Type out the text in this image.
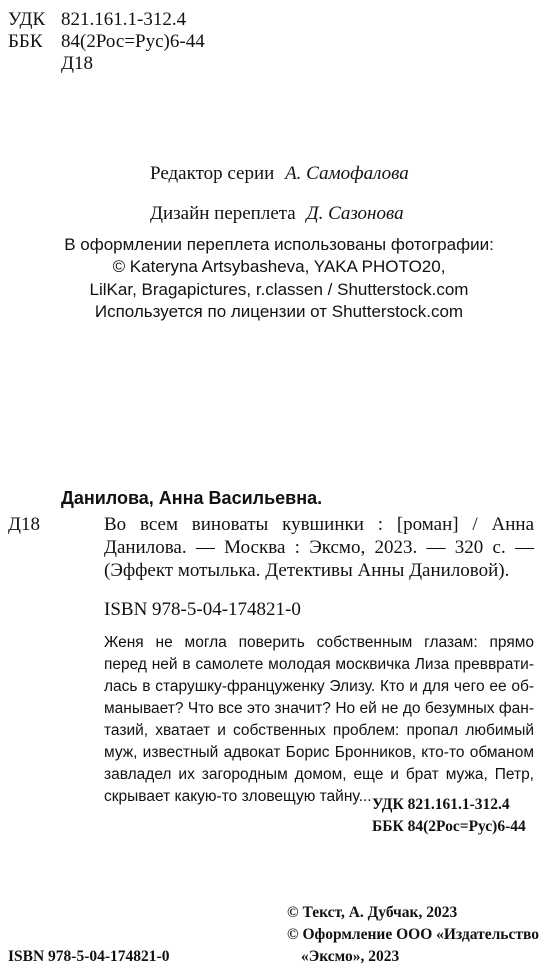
УДК 821.161.1-312.4
ББК 84(2Рос=Рус)6-44
Д18
Редактор серии А. Самофалова
Дизайн переплета Д. Сазонова
В оформлении переплета использованы фотографии:
© Kateryna Artsybasheva, YAKA PHOTO20,
LilKar, Bragapictures, r.classen / Shutterstock.com
Используется по лицензии от Shutterstock.com
Данилова, Анна Васильевна.
Д18	Во всем виноваты кувшинки : [роман] / Анна
Данилова. — Москва : Эксмо, 2023. — 320 с. —
(Эффект мотылька. Детективы Анны Даниловой).
ISBN 978-5-04-174821-0
Женя не могла поверить собственным глазам: прямо
перед ней в самолете молодая москвичка Лиза превврати-
лась в старушку-француженку Элизу. Кто и для чего ее об-
манывает? Что все это значит? Но ей не до безумных фан-
тазий, хватает и собственных проблем: пропал любимый
муж, известный адвокат Борис Бронников, кто-то обманом
завладел их загородным домом, еще и брат мужа, Петр,
скрывает какую-то зловещую тайну... УДК 821.161.1-312.4
ББК 84(2Рос=Рус)6-44
© Текст, А. Дубчак, 2023
© Оформление ООО «Издательство
«Эксмо», 2023
ISBN 978-5-04-174821-0
